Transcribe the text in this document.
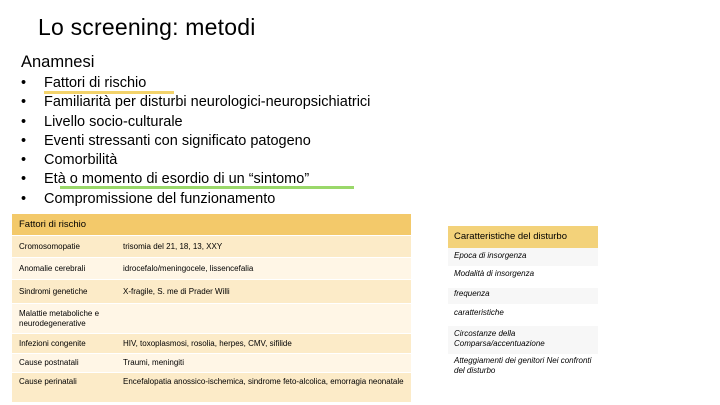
Lo screening: metodi
Anamnesi
• Fattori di rischio
• Familiarità per disturbi neurologici-neuropsichiatrici
• Livello socio-culturale
• Eventi stressanti con significato patogeno
• Comorbilità
• Età o momento di esordio di un “sintomo”
• Compromissione del funzionamento
Fattori di rischio	
Cromosomopatie	trisomia del 21, 18, 13, XXY
Anomalie cerebrali	idrocefalo/meningocele, lissencefalia
Sindromi genetiche	X-fragile, S. me di Prader Willi
Malattie metaboliche e neurodegenerative	
Infezioni congenite	HIV, toxoplasmosi, rosolia, herpes, CMV, sifilide
Cause postnatali	Traumi, meningiti
Cause perinatali	Encefalopatia anossico-ischemica, sindrome feto-alcolica, emorragia neonatale
Caratteristiche del disturbo
Epoca di insorgenza
Modalità di insorgenza
frequenza
caratteristiche
Circostanze della Comparsa/accentuazione
Atteggiamenti dei genitori Nei confronti del disturbo
